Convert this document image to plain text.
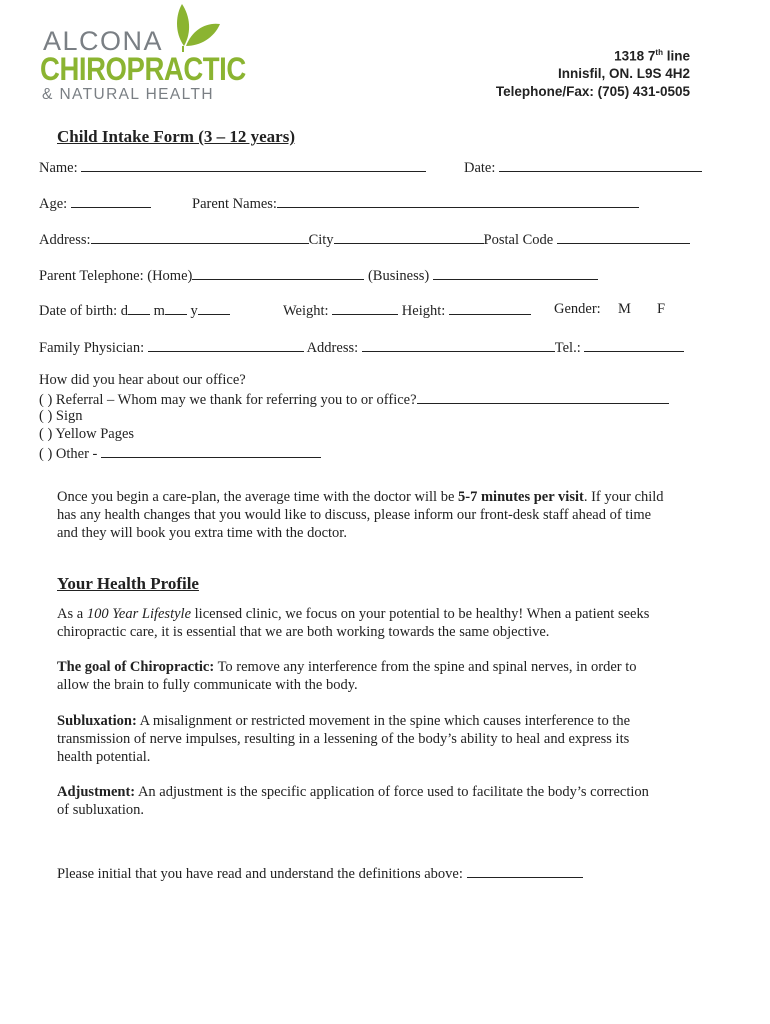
ALCONA
CHIROPRACTIC
& NATURAL HEALTH
1318 7th line
Innisfil, ON. L9S 4H2
Telephone/Fax: (705) 431-0505
Child Intake Form (3 – 12 years)
Name:	Date:
Age:	Parent Names:
Address:	City	Postal Code
Parent Telephone: (Home)	(Business)
Date of birth: d m y	Weight:	Height:	Gender: M F
Family Physician:	Address:	Tel.:
How did you hear about our office?
( ) Referral – Whom may we thank for referring you to or office?
( ) Sign
( ) Yellow Pages
( ) Other -
Once you begin a care-plan, the average time with the doctor will be 5-7 minutes per visit. If your child
has any health changes that you would like to discuss, please inform our front-desk staff ahead of time
and they will book you extra time with the doctor.
Your Health Profile
As a 100 Year Lifestyle licensed clinic, we focus on your potential to be healthy! When a patient seeks
chiropractic care, it is essential that we are both working towards the same objective.
The goal of Chiropractic: To remove any interference from the spine and spinal nerves, in order to
allow the brain to fully communicate with the body.
Subluxation: A misalignment or restricted movement in the spine which causes interference to the
transmission of nerve impulses, resulting in a lessening of the body’s ability to heal and express its
health potential.
Adjustment: An adjustment is the specific application of force used to facilitate the body’s correction
of subluxation.
Please initial that you have read and understand the definitions above:
